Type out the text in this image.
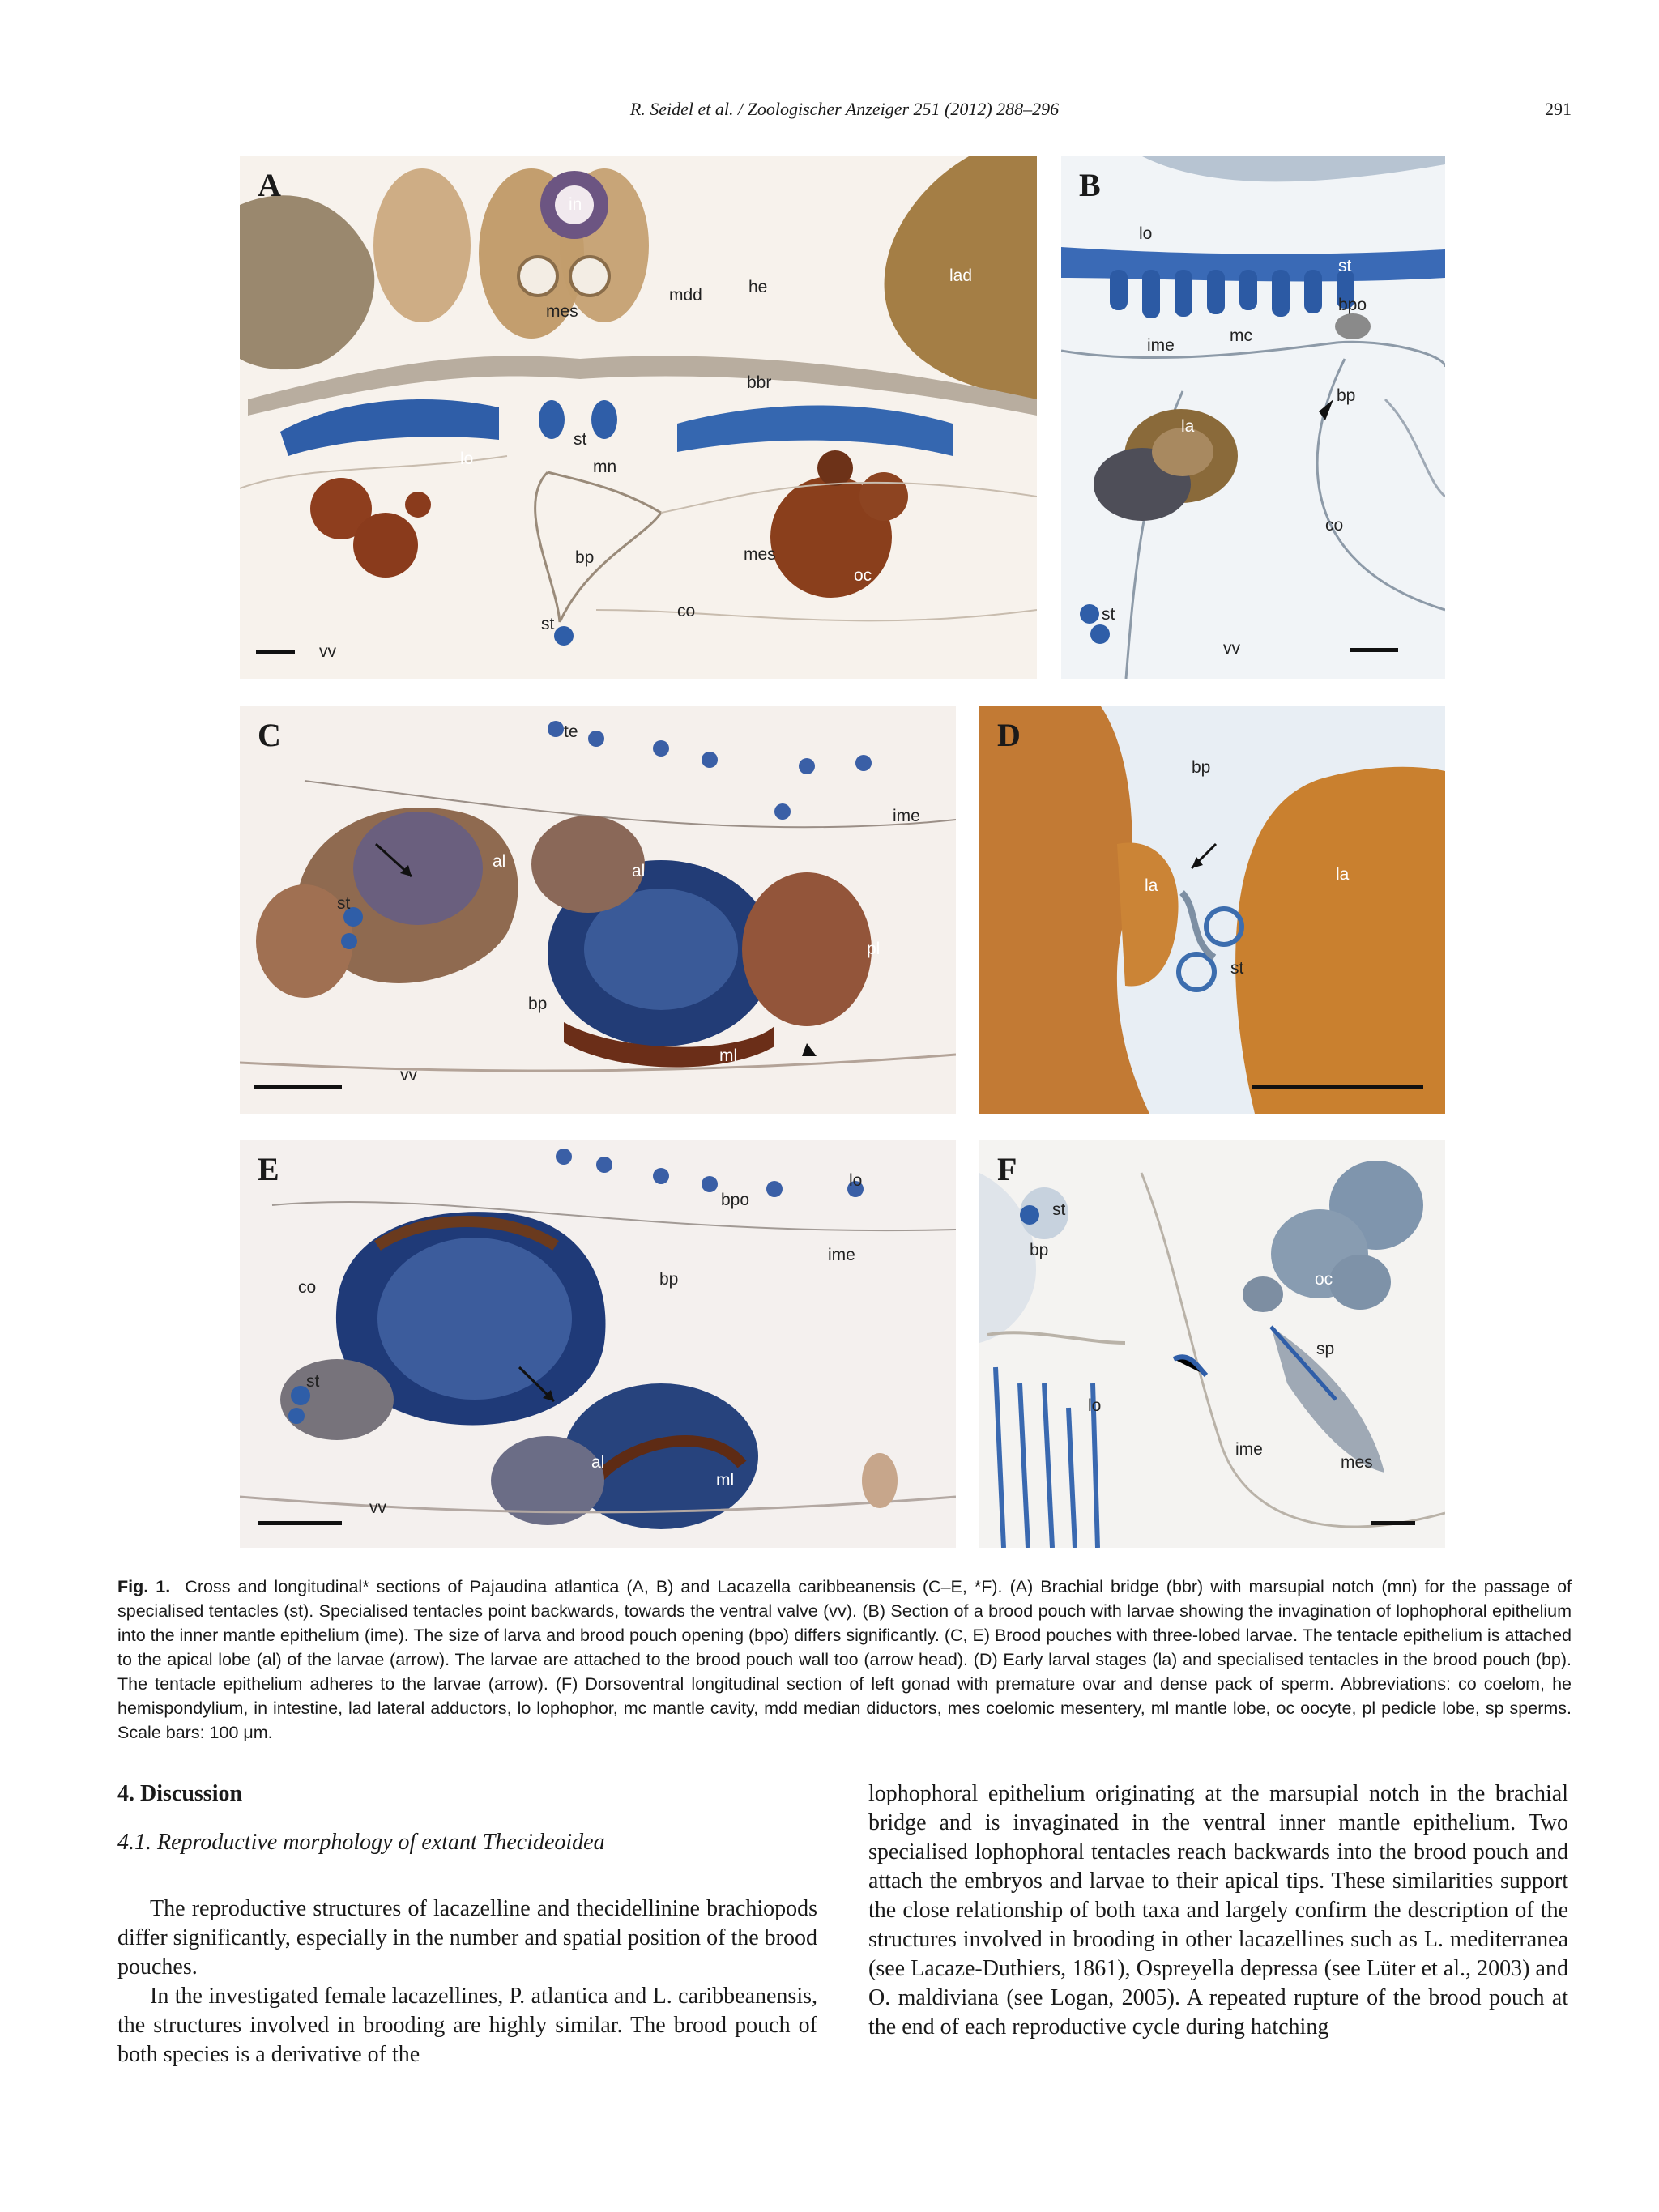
R. Seidel et al. / Zoologischer Anzeiger 251 (2012) 288–296	291
A
in
mes
mdd	he
lad
bbr
lo
st
mn
bp	mes
oc
st
co
vv
B
lo
st
bpo
mc
ime
bp
la
co
st
vv
C	te
ime
al
al
st
pl
bp
ml
vv
D
bp
la
la
st
E	lo
bpo
ime
co	bp
st
al
ml
vv
F
st
bp
oc
sp
lo
ime
mes
Fig. 1. Cross and longitudinal* sections of Pajaudina atlantica (A, B) and Lacazella caribbeanensis (C–E, *F). (A) Brachial bridge (bbr) with marsupial notch (mn) for the passage of specialised tentacles (st). Specialised tentacles point backwards, towards the ventral valve (vv). (B) Section of a brood pouch with larvae showing the invagination of lophophoral epithelium into the inner mantle epithelium (ime). The size of larva and brood pouch opening (bpo) differs significantly. (C, E) Brood pouches with three-lobed larvae. The tentacle epithelium is attached to the apical lobe (al) of the larvae (arrow). The larvae are attached to the brood pouch wall too (arrow head). (D) Early larval stages (la) and specialised tentacles in the brood pouch (bp). The tentacle epithelium adheres to the larvae (arrow). (F) Dorsoventral longitudinal section of left gonad with premature ovar and dense pack of sperm. Abbreviations: co coelom, he hemispondylium, in intestine, lad lateral adductors, lo lophophor, mc mantle cavity, mdd median diductors, mes coelomic mesentery, ml mantle lobe, oc oocyte, pl pedicle lobe, sp sperms. Scale bars: 100 μm.
4. Discussion
4.1. Reproductive morphology of extant Thecideoidea

The reproductive structures of lacazelline and thecidellinine brachiopods differ significantly, especially in the number and spatial position of the brood pouches.

In the investigated female lacazellines, P. atlantica and L. caribbeanensis, the structures involved in brooding are highly similar. The brood pouch of both species is a derivative of the

lophophoral epithelium originating at the marsupial notch in the brachial bridge and is invaginated in the ventral inner mantle epithelium. Two specialised lophophoral tentacles reach backwards into the brood pouch and attach the embryos and larvae to their apical tips. These similarities support the close relationship of both taxa and largely confirm the description of the structures involved in brooding in other lacazellines such as L. mediterranea (see Lacaze-Duthiers, 1861), Ospreyella depressa (see Lüter et al., 2003) and O. maldiviana (see Logan, 2005). A repeated rupture of the brood pouch at the end of each reproductive cycle during hatching
